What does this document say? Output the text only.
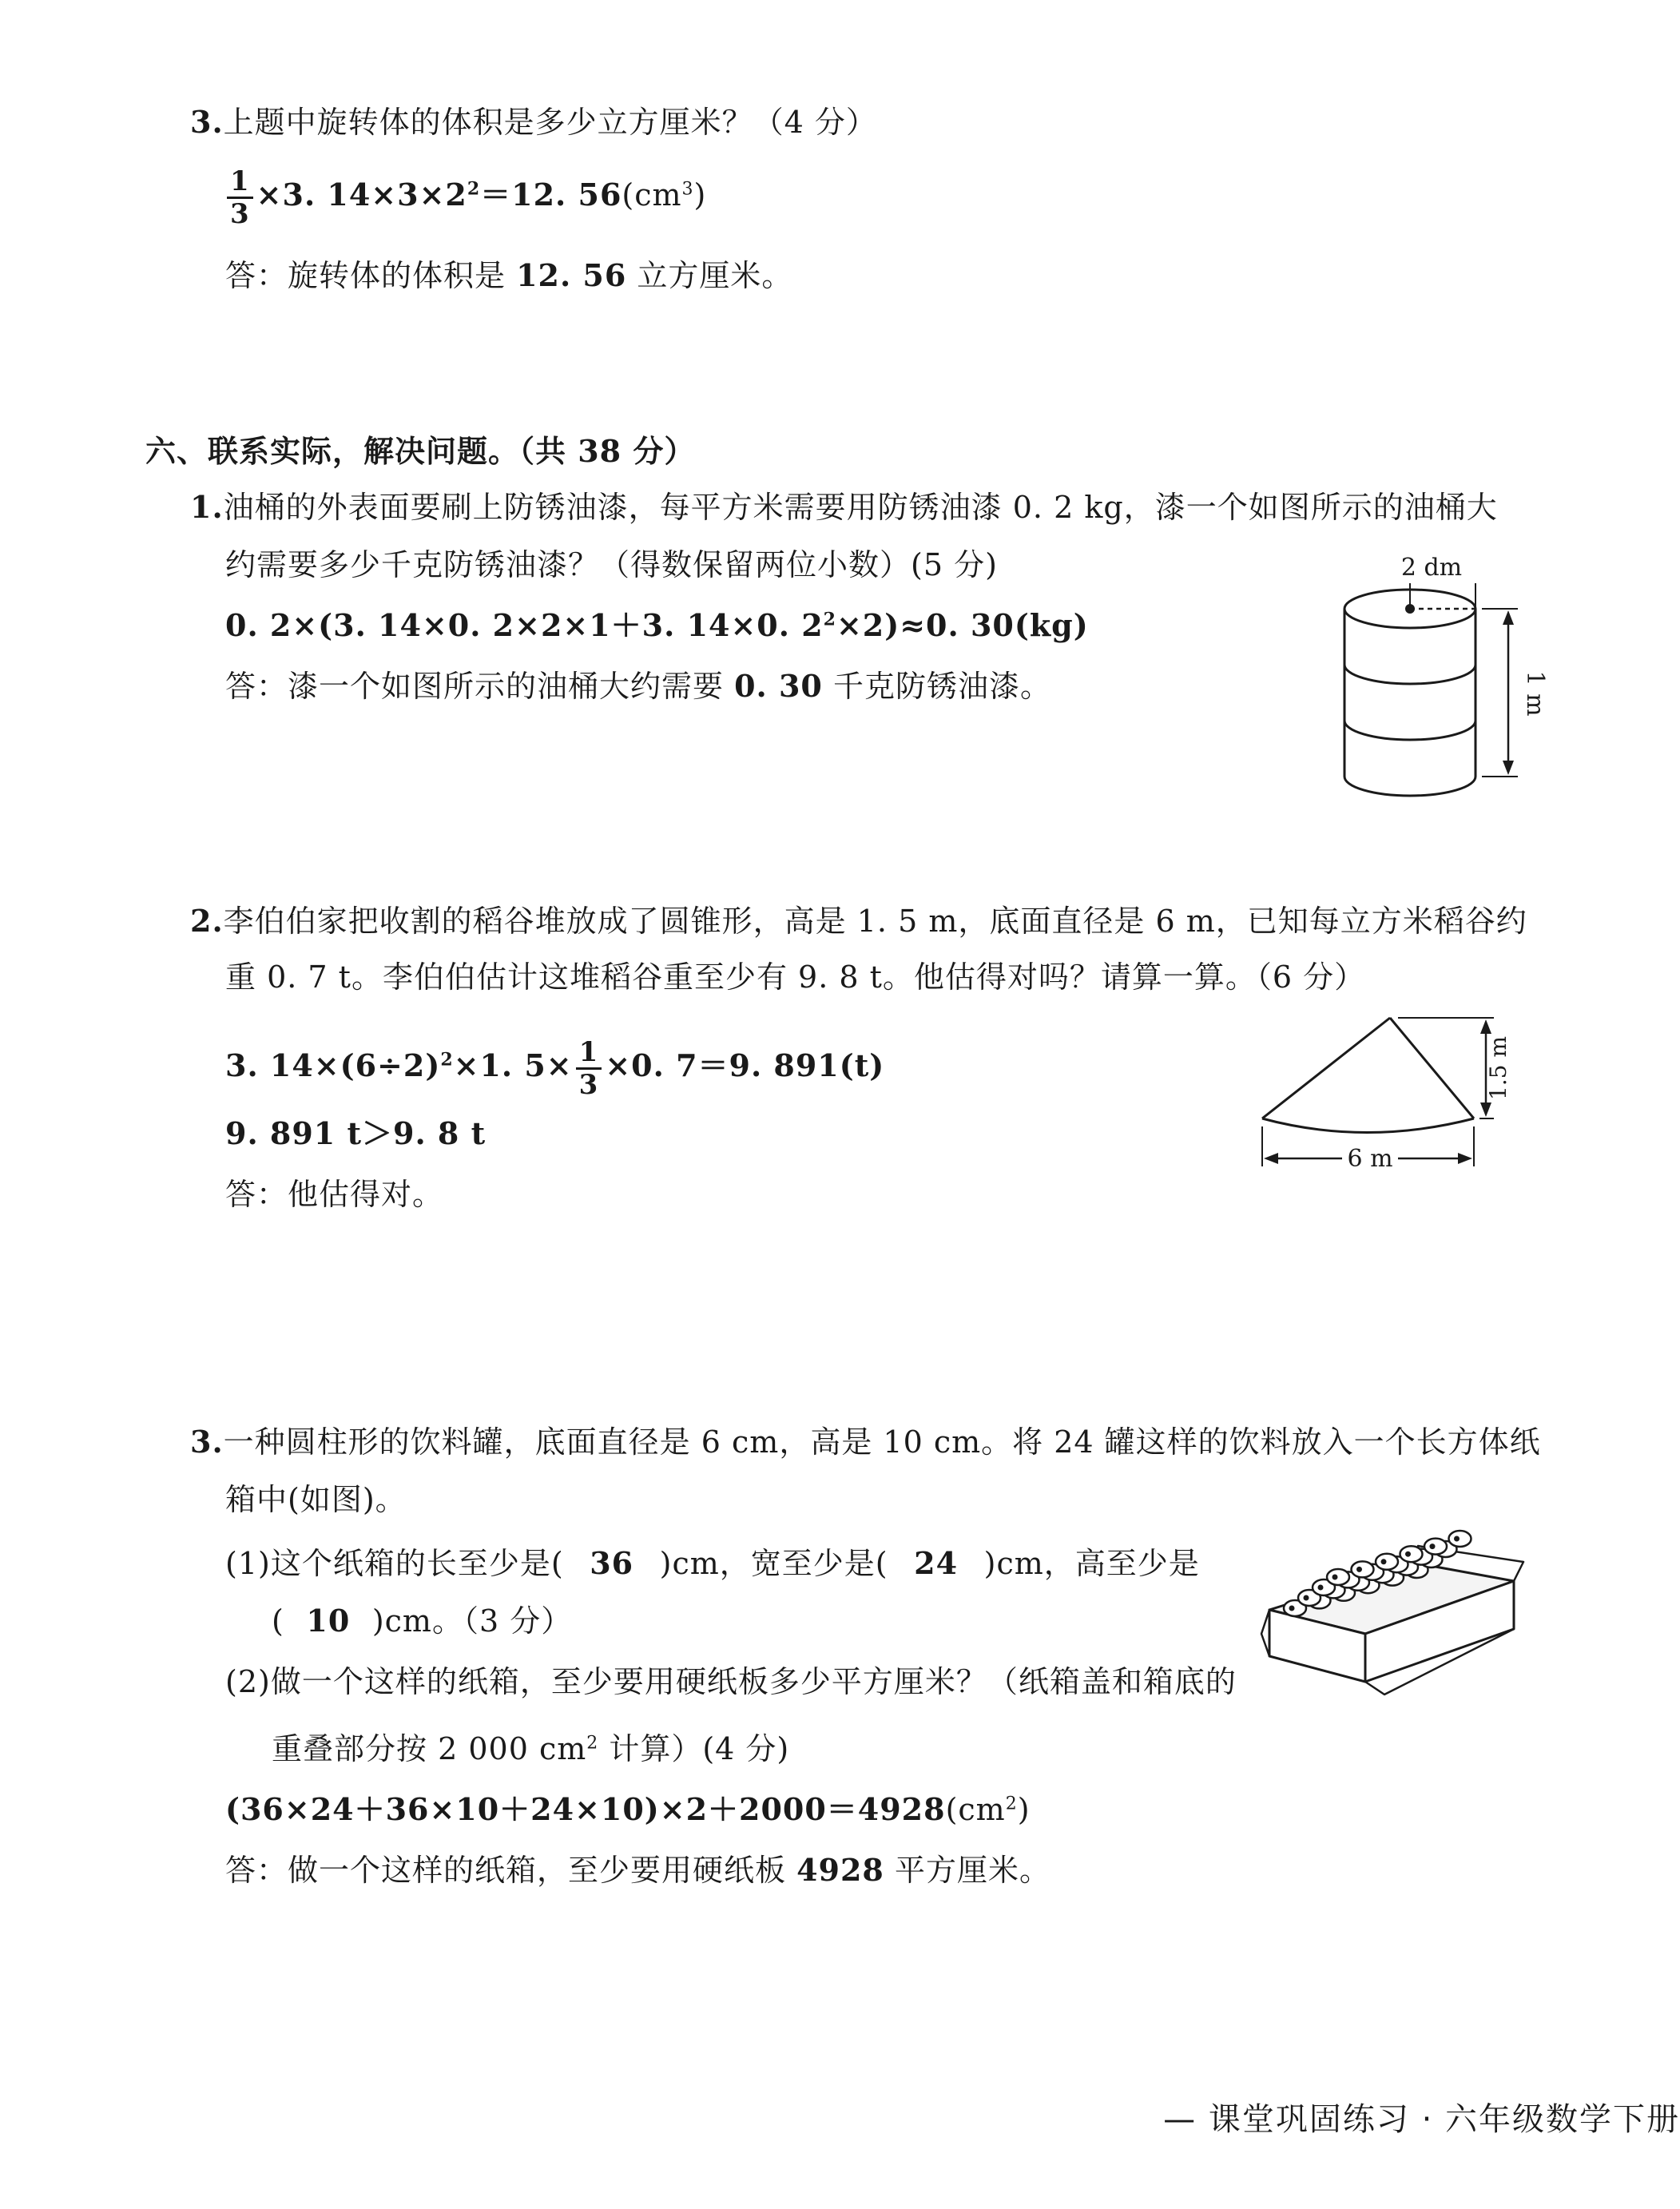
3.上题中旋转体的体积是多少立方厘米？（4 分）
$\frac{1}{3} \times 3$. $14\times 3\times 2^2=12$. $56(cm^3)$
答：旋转体的体积是 12. 56 立方厘米。
六、联系实际，解决问题。（共 38 分）
1.油桶的外表面要刷上防锈油漆，每平方米需要用防锈油漆 0. 2 kg，漆一个如图所示的油桶大
约需要多少千克防锈油漆？（得数保留两位小数）(5 分)
0. 2×(3. 14×0. 2×2×1＋3. 14×0. $2^2\times 2)\approx 0$. 30(kg)
答：漆一个如图所示的油桶大约需要 0. 30 千克防锈油漆。
2 dm
1 m
2.李伯伯家把收割的稻谷堆放成了圆锥形，高是 1. 5 m，底面直径是 6 m，已知每立方米稻谷约
重 0. 7 t。李伯伯估计这堆稻谷重至少有 9. 8 t。他估得对吗？请算一算。（6 分）
3. $14\times(6\div 2)^2\times 1$. $5\times \frac{1}{3} \times 0$. 7＝9. 891(t)
9. 891 t＞9. 8 t
答：他估得对。
1.5 m
6 m
3.一种圆柱形的饮料罐，底面直径是 6 cm，高是 10 cm。将 24 罐这样的饮料放入一个长方体纸
箱中(如图)。
(1)这个纸箱的长至少是( 36 )cm，宽至少是( 24 )cm，高至少是
( 10 )cm。（3 分）
(2)做一个这样的纸箱，至少要用硬纸板多少平方厘米？（纸箱盖和箱底的
重叠部分按 2 000 $cm^2$ 计算）(4 分)
$(36\times 24+36\times 10+24\times 10)\times 2+2000=4928(cm^2)$
答：做一个这样的纸箱，至少要用硬纸板 4928 平方厘米。
— 课堂巩固练习 · 六年级数学下册
